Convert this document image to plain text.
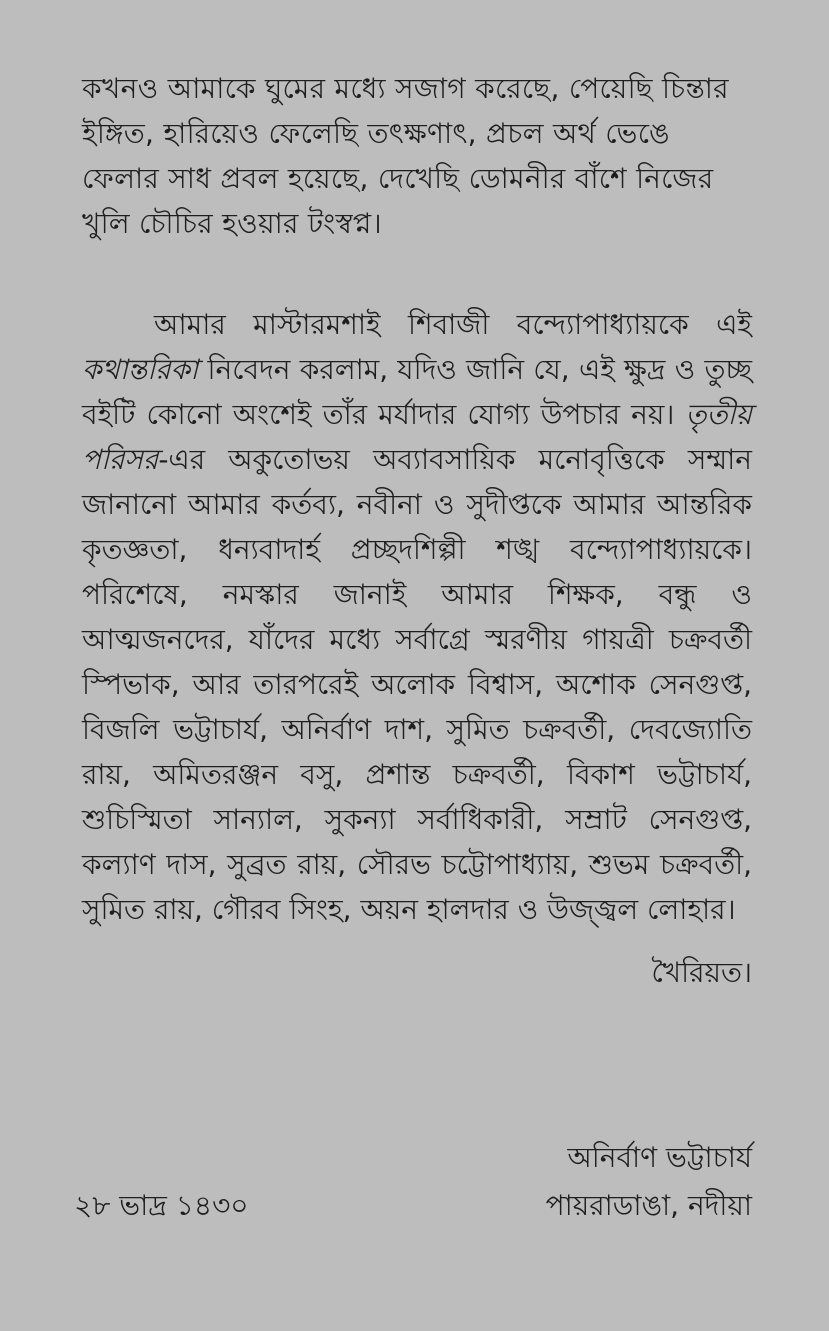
কখনও আমাকে ঘুমের মধ্যে সজাগ করেছে, পেয়েছি চিন্তার ইঙ্গিত, হারিয়েও ফেলেছি তৎক্ষণাৎ, প্রচল অর্থ ভেঙে ফেলার সাধ প্রবল হয়েছে, দেখেছি ডোমনীর বাঁশে নিজের খুলি চৌচির হওয়ার টংস্বপ্ন।

আমার মাস্টারমশাই শিবাজী বন্দ্যোপাধ্যায়কে এই কথান্তরিকা নিবেদন করলাম, যদিও জানি যে, এই ক্ষুদ্র ও তুচ্ছ বইটি কোনো অংশেই তাঁর মর্যাদার যোগ্য উপচার নয়। তৃতীয় পরিসর-এর অকুতোভয় অব্যাবসায়িক মনোবৃত্তিকে সম্মান জানানো আমার কর্তব্য, নবীনা ও সুদীপ্তকে আমার আন্তরিক কৃতজ্ঞতা, ধন্যবাদার্হ প্রচ্ছদশিল্পী শঙ্খ বন্দ্যোপাধ্যায়কে। পরিশেষে, নমস্কার জানাই আমার শিক্ষক, বন্ধু ও আত্মজনদের, যাঁদের মধ্যে সর্বাগ্রে স্মরণীয় গায়ত্রী চক্রবর্তী স্পিভাক, আর তারপরেই অলোক বিশ্বাস, অশোক সেনগুপ্ত, বিজলি ভট্টাচার্য, অনির্বাণ দাশ, সুমিত চক্রবর্তী, দেবজ্যোতি রায়, অমিতরঞ্জন বসু, প্রশান্ত চক্রবর্তী, বিকাশ ভট্টাচার্য, শুচিস্মিতা সান্যাল, সুকন্যা সর্বাধিকারী, সম্রাট সেনগুপ্ত, কল্যাণ দাস, সুব্রত রায়, সৌরভ চট্টোপাধ্যায়, শুভম চক্রবর্তী, সুমিত রায়, গৌরব সিংহ, অয়ন হালদার ও উজ্জ্বল লোহার।

খৈরিয়ত।
অনির্বাণ ভট্টাচার্য
২৮ ভাদ্র ১৪৩০	পায়রাডাঙা, নদীয়া
